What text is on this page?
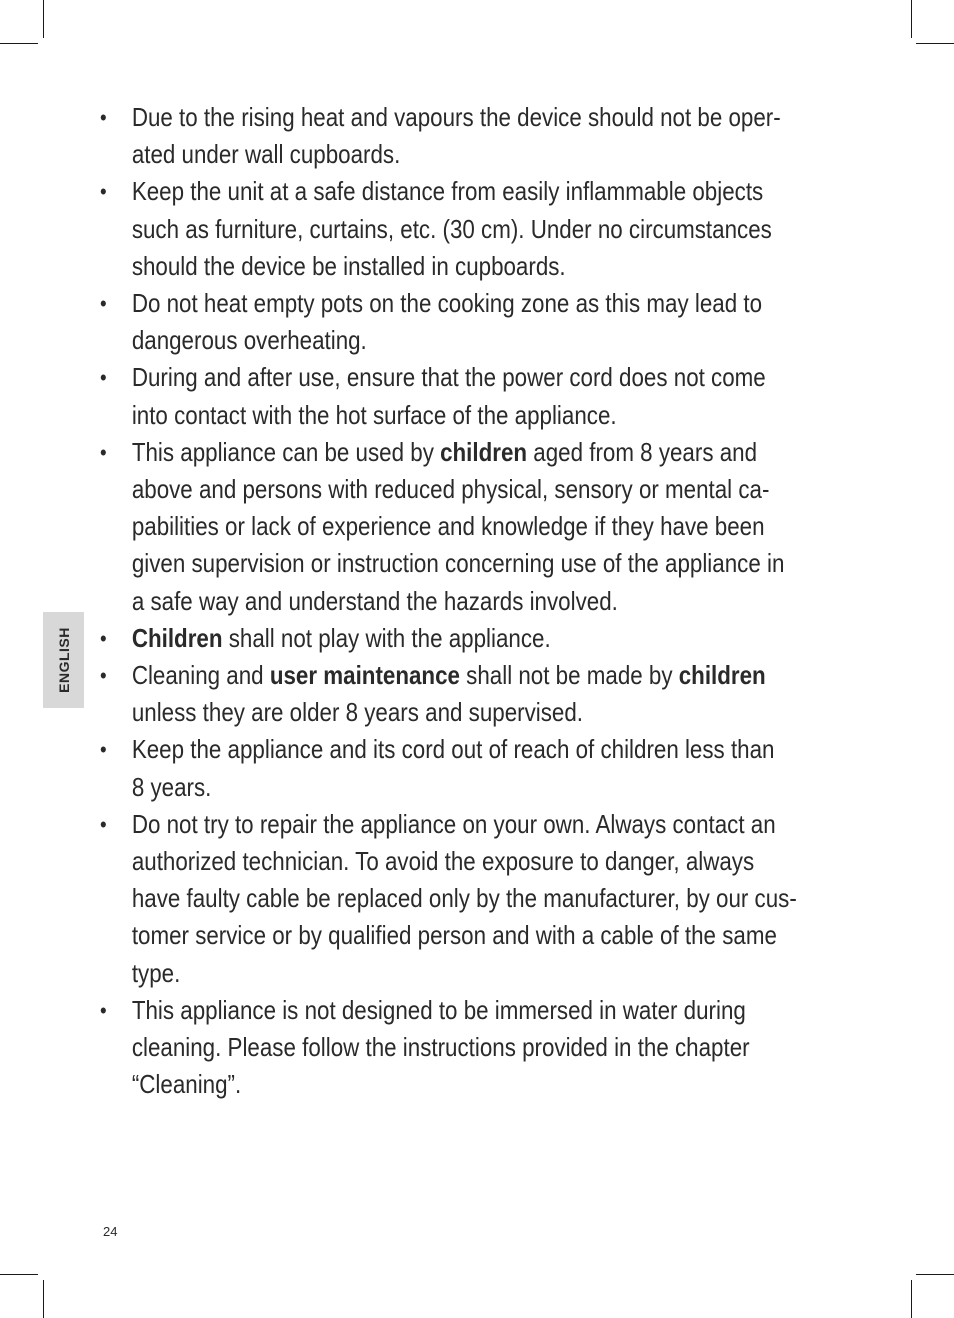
ENGLISH
• Due to the rising heat and vapours the device should not be oper-
ated under wall cupboards.
• Keep the unit at a safe distance from easily inflammable objects
such as furniture, curtains, etc. (30 cm). Under no circumstances
should the device be installed in cupboards.
• Do not heat empty pots on the cooking zone as this may lead to
dangerous overheating.
• During and after use, ensure that the power cord does not come
into contact with the hot surface of the appliance.
• This appliance can be used by children aged from 8 years and
above and persons with reduced physical, sensory or mental ca-
pabilities or lack of experience and knowledge if they have been
given supervision or instruction concerning use of the appliance in
a safe way and understand the hazards involved.
• Children shall not play with the appliance.
• Cleaning and user maintenance shall not be made by children
unless they are older 8 years and supervised.
• Keep the appliance and its cord out of reach of children less than
8 years.
• Do not try to repair the appliance on your own. Always contact an
authorized technician. To avoid the exposure to danger, always
have faulty cable be replaced only by the manufacturer, by our cus-
tomer service or by qualified person and with a cable of the same
type.
• This appliance is not designed to be immersed in water during
cleaning. Please follow the instructions provided in the chapter
“Cleaning”.
24
